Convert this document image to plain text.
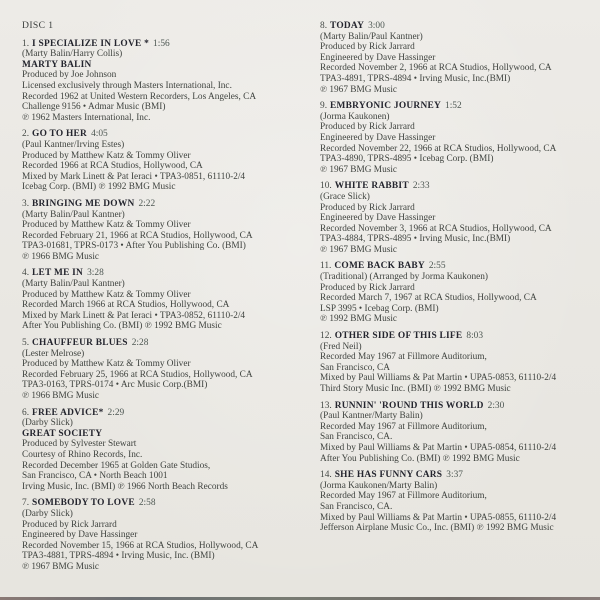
DISC 1
1. I SPECIALIZE IN LOVE * 1:56
(Marty Balin/Harry Collis)
MARTY BALIN
Produced by Joe Johnson
Licensed exclusively through Masters International, Inc.
Recorded 1962 at United Western Recorders, Los Angeles, CA
Challenge 9156 • Admar Music (BMI)
℗ 1962 Masters International, Inc.
2. GO TO HER 4:05
(Paul Kantner/Irving Estes)
Produced by Matthew Katz & Tommy Oliver
Recorded 1966 at RCA Studios, Hollywood, CA
Mixed by Mark Linett & Pat Ieraci • TPA3-0851, 61110-2/4
Icebag Corp. (BMI) ℗ 1992 BMG Music
3. BRINGING ME DOWN 2:22
(Marty Balin/Paul Kantner)
Produced by Matthew Katz & Tommy Oliver
Recorded February 21, 1966 at RCA Studios, Hollywood, CA
TPA3-01681, TPRS-0173 • After You Publishing Co. (BMI)
℗ 1966 BMG Music
4. LET ME IN 3:28
(Marty Balin/Paul Kantner)
Produced by Matthew Katz & Tommy Oliver
Recorded March 1966 at RCA Studios, Hollywood, CA
Mixed by Mark Linett & Pat Ieraci • TPA3-0852, 61110-2/4
After You Publishing Co. (BMI) ℗ 1992 BMG Music
5. CHAUFFEUR BLUES 2:28
(Lester Melrose)
Produced by Matthew Katz & Tommy Oliver
Recorded February 25, 1966 at RCA Studios, Hollywood, CA
TPA3-0163, TPRS-0174 • Arc Music Corp.(BMI)
℗ 1966 BMG Music
6. FREE ADVICE* 2:29
(Darby Slick)
GREAT SOCIETY
Produced by Sylvester Stewart
Courtesy of Rhino Records, Inc.
Recorded December 1965 at Golden Gate Studios,
San Francisco, CA • North Beach 1001
Irving Music, Inc. (BMI) ℗ 1966 North Beach Records
7. SOMEBODY TO LOVE 2:58
(Darby Slick)
Produced by Rick Jarrard
Engineered by Dave Hassinger
Recorded November 15, 1966 at RCA Studios, Hollywood, CA
TPA3-4881, TPRS-4894 • Irving Music, Inc. (BMI)
℗ 1967 BMG Music
8. TODAY 3:00
(Marty Balin/Paul Kantner)
Produced by Rick Jarrard
Engineered by Dave Hassinger
Recorded November 2, 1966 at RCA Studios, Hollywood, CA
TPA3-4891, TPRS-4894 • Irving Music, Inc.(BMI)
℗ 1967 BMG Music
9. EMBRYONIC JOURNEY 1:52
(Jorma Kaukonen)
Produced by Rick Jarrard
Engineered by Dave Hassinger
Recorded November 22, 1966 at RCA Studios, Hollywood, CA
TPA3-4890, TPRS-4895 • Icebag Corp. (BMI)
℗ 1967 BMG Music
10. WHITE RABBIT 2:33
(Grace Slick)
Produced by Rick Jarrard
Engineered by Dave Hassinger
Recorded November 3, 1966 at RCA Studios, Hollywood, CA
TPA3-4884, TPRS-4895 • Irving Music, Inc.(BMI)
℗ 1967 BMG Music
11. COME BACK BABY 2:55
(Traditional) (Arranged by Jorma Kaukonen)
Produced by Rick Jarrard
Recorded March 7, 1967 at RCA Studios, Hollywood, CA
LSP 3995 • Icebag Corp. (BMI)
℗ 1992 BMG Music
12. OTHER SIDE OF THIS LIFE 8:03
(Fred Neil)
Recorded May 1967 at Fillmore Auditorium,
San Francisco, CA
Mixed by Paul Williams & Pat Martin • UPA5-0853, 61110-2/4
Third Story Music Inc. (BMI) ℗ 1992 BMG Music
13. RUNNIN' 'ROUND THIS WORLD 2:30
(Paul Kantner/Marty Balin)
Recorded May 1967 at Fillmore Auditorium,
San Francisco, CA.
Mixed by Paul Williams & Pat Martin • UPA5-0854, 61110-2/4
After You Publishing Co. (BMI) ℗ 1992 BMG Music
14. SHE HAS FUNNY CARS 3:37
(Jorma Kaukonen/Marty Balin)
Recorded May 1967 at Fillmore Auditorium,
San Francisco, CA.
Mixed by Paul Williams & Pat Martin • UPA5-0855, 61110-2/4
Jefferson Airplane Music Co., Inc. (BMI) ℗ 1992 BMG Music
